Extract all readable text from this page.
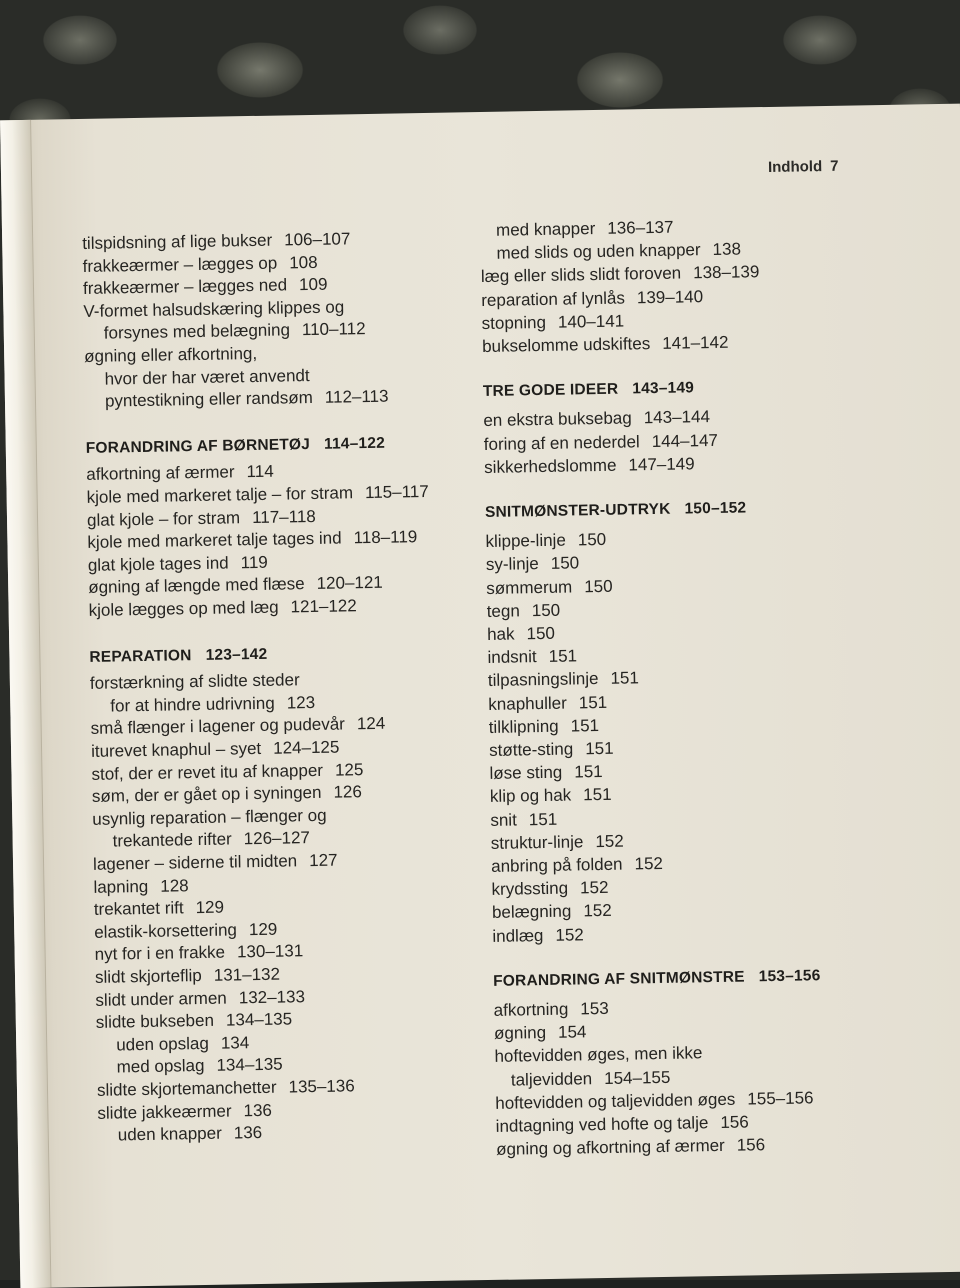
Indhold 7
tilspidsning af lige bukser 106–107
frakkeærmer – lægges op 108
frakkeærmer – lægges ned 109
V-formet halsudskæring klippes og
forsynes med belægning 110–112
øgning eller afkortning,
hvor der har været anvendt
pyntestikning eller randsøm 112–113
FORANDRING AF BØRNETØJ 114–122
afkortning af ærmer 114
kjole med markeret talje – for stram 115–117
glat kjole – for stram 117–118
kjole med markeret talje tages ind 118–119
glat kjole tages ind 119
øgning af længde med flæse 120–121
kjole lægges op med læg 121–122
REPARATION 123–142
forstærkning af slidte steder
for at hindre udrivning 123
små flænger i lagener og pudevår 124
iturevet knaphul – syet 124–125
stof, der er revet itu af knapper 125
søm, der er gået op i syningen 126
usynlig reparation – flænger og
trekantede rifter 126–127
lagener – siderne til midten 127
lapning 128
trekantet rift 129
elastik-korsettering 129
nyt for i en frakke 130–131
slidt skjorteflip 131–132
slidt under armen 132–133
slidte bukseben 134–135
uden opslag 134
med opslag 134–135
slidte skjortemanchetter 135–136
slidte jakkeærmer 136
uden knapper 136
med knapper 136–137
med slids og uden knapper 138
læg eller slids slidt foroven 138–139
reparation af lynlås 139–140
stopning 140–141
bukselomme udskiftes 141–142
TRE GODE IDEER 143–149
en ekstra buksebag 143–144
foring af en nederdel 144–147
sikkerhedslomme 147–149
SNITMØNSTER-UDTRYK 150–152
klippe-linje 150
sy-linje 150
sømmerum 150
tegn 150
hak 150
indsnit 151
tilpasningslinje 151
knaphuller 151
tilklipning 151
støtte-sting 151
løse sting 151
klip og hak 151
snit 151
struktur-linje 152
anbring på folden 152
krydssting 152
belægning 152
indlæg 152
FORANDRING AF SNITMØNSTRE 153–156
afkortning 153
øgning 154
hoftevidden øges, men ikke
taljevidden 154–155
hoftevidden og taljevidden øges 155–156
indtagning ved hofte og talje 156
øgning og afkortning af ærmer 156
